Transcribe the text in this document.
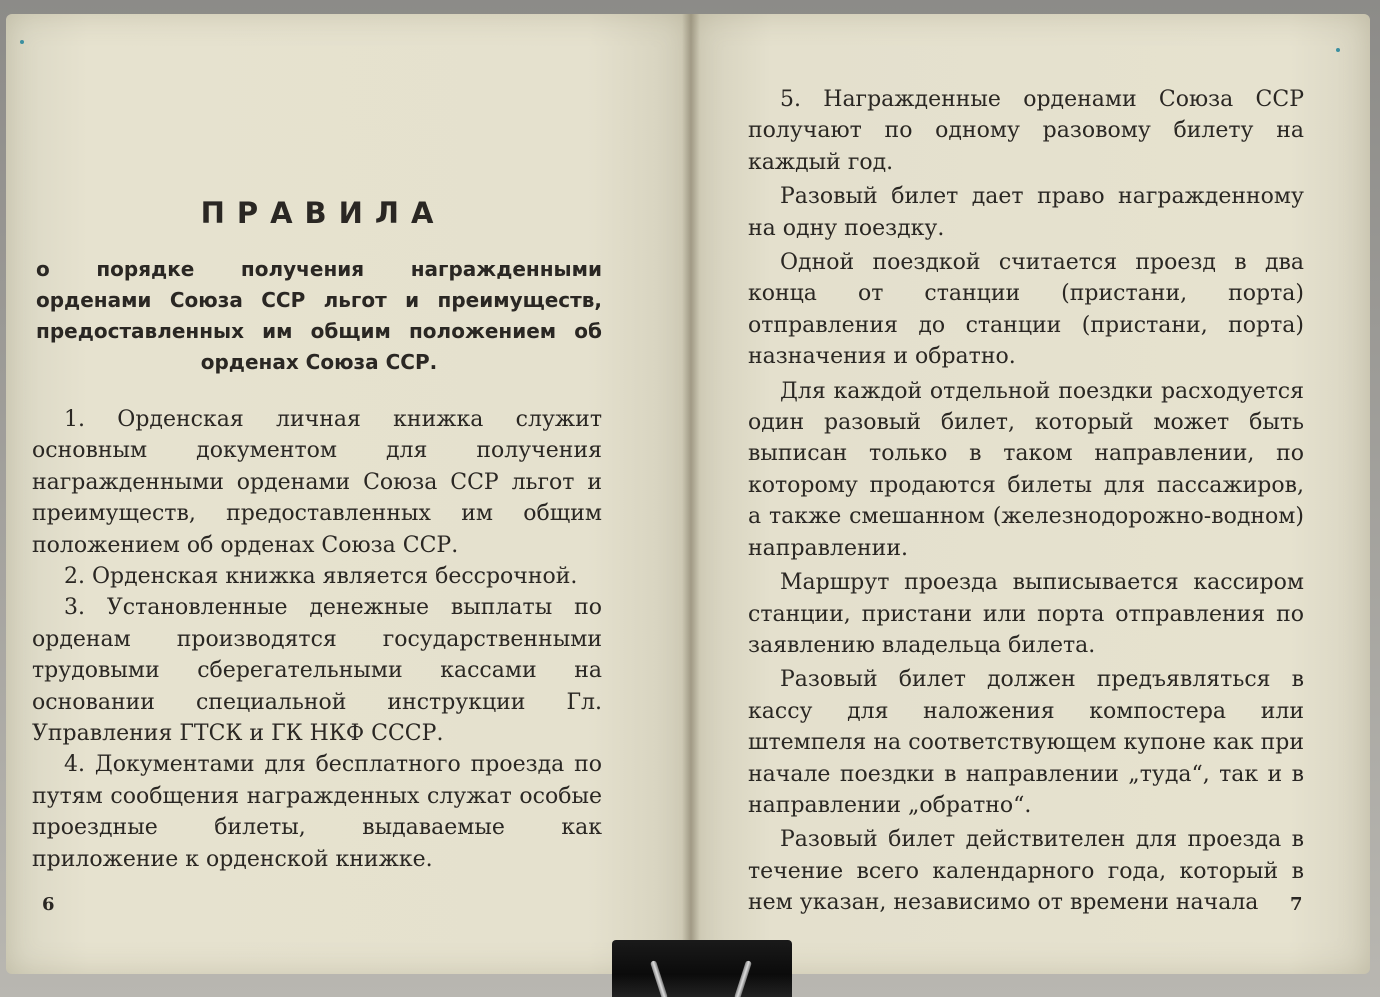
ПРАВИЛА
о порядке получения награжденными орденами Союза ССР льгот и преимуществ, предоставленных им общим положением об орденах Союза ССР.

1. Орденская личная книжка служит основным документом для получения награжденными орденами Союза ССР льгот и преимуществ, предоставленных им общим положением об орденах Союза ССР.

2. Орденская книжка является бессрочной.

3. Установленные денежные выплаты по орденам производятся государственными трудовыми сберегательными кассами на основании специальной инструкции Гл. Управления ГТСК и ГК НКФ СССР.

4. Документами для бесплатного проезда по путям сообщения награжденных служат особые проездные билеты, выдаваемые как приложение к орденской книжке.

6

5. Награжденные орденами Союза ССР получают по одному разовому билету на каждый год.

Разовый билет дает право награжденному на одну поездку.

Одной поездкой считается проезд в два конца от станции (пристани, порта) отправления до станции (пристани, порта) назначения и обратно.

Для каждой отдельной поездки расходуется один разовый билет, который может быть выписан только в таком направлении, по которому продаются билеты для пассажиров, а также смешанном (железнодорожно-водном) направлении.

Маршрут проезда выписывается кассиром станции, пристани или порта отправления по заявлению владельца билета.

Разовый билет должен предъявляться в кассу для наложения компостера или штемпеля на соответствующем купоне как при начале поездки в направлении „туда“, так и в направлении „обратно“.

Разовый билет действителен для проезда в течение всего календарного года, который в нем указан, независимо от времени начала	7
